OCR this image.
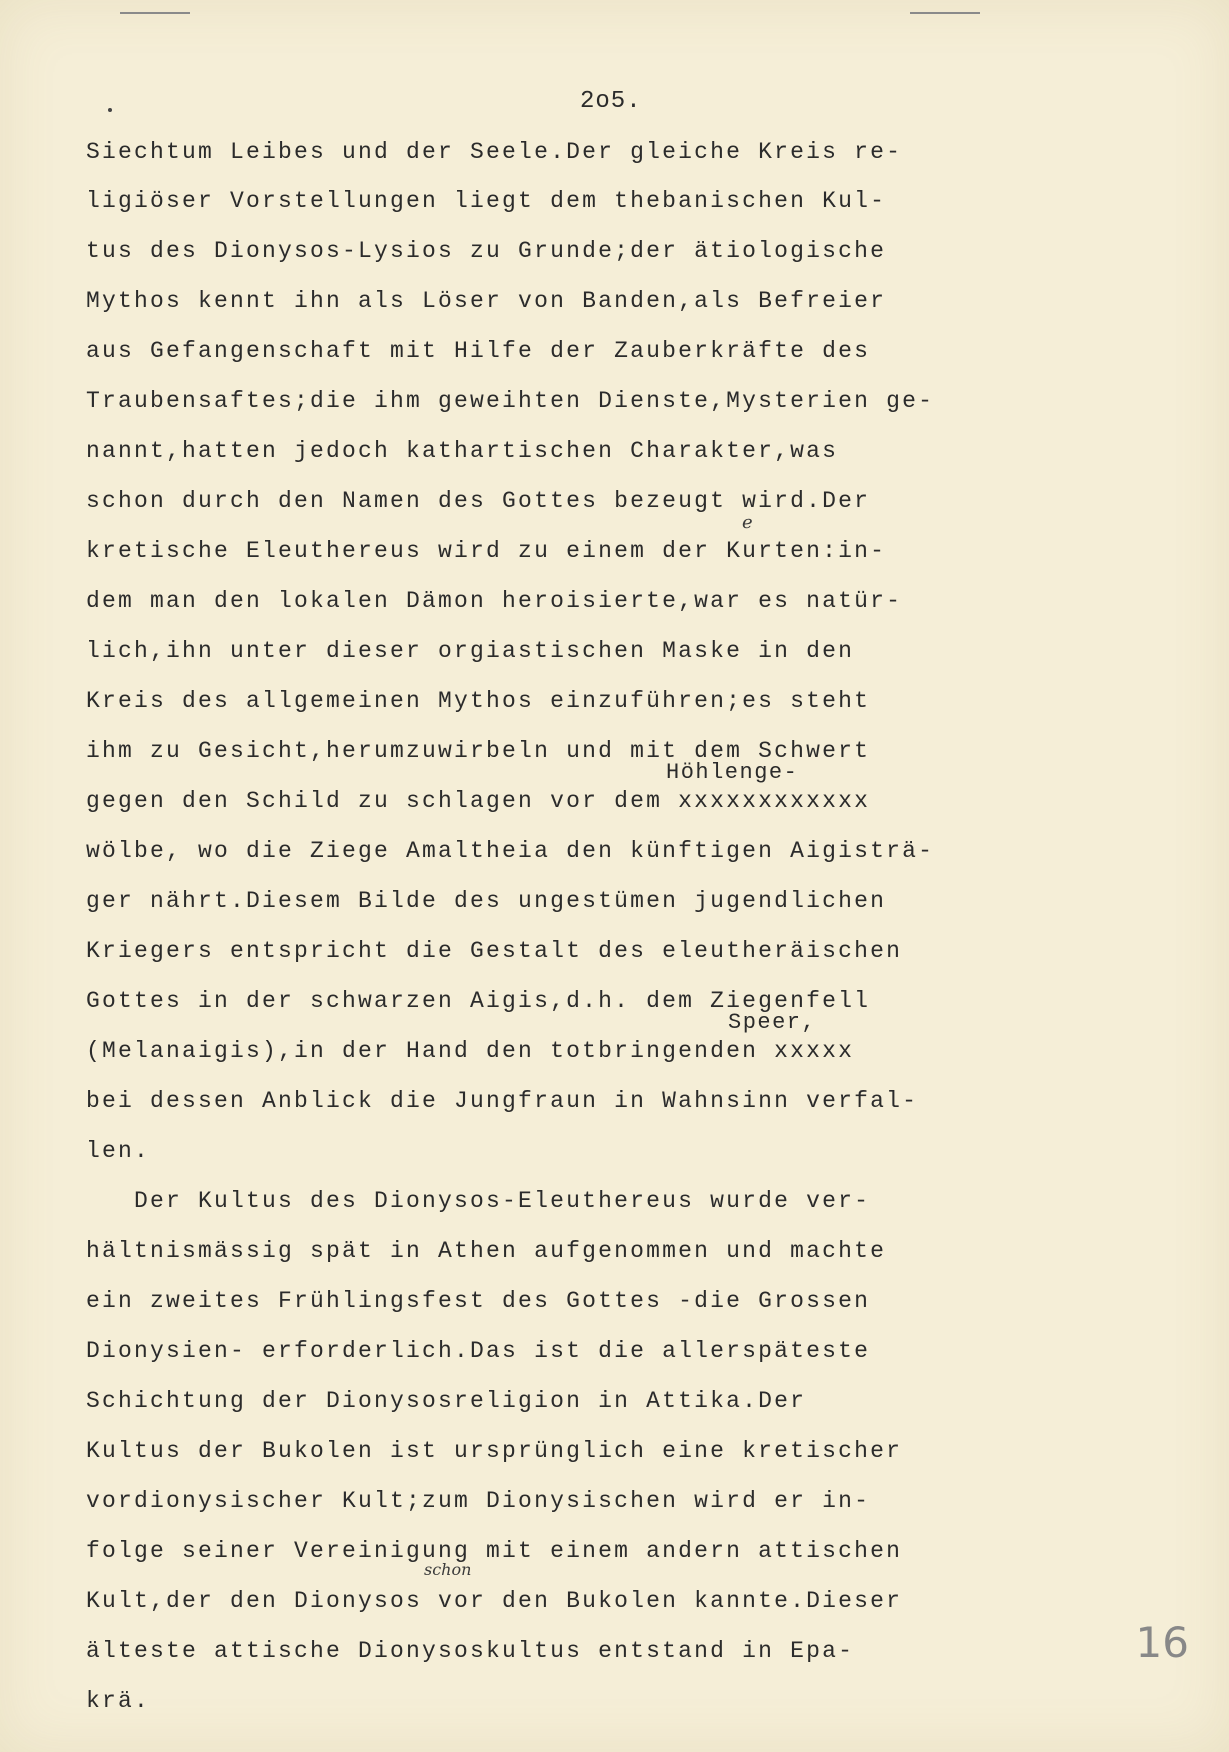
2o5.
Siechtum Leibes und der Seele.Der gleiche Kreis re-
ligiöser Vorstellungen liegt dem thebanischen Kul-
tus des Dionysos-Lysios zu Grunde;der ätiologische
Mythos kennt ihn als Löser von Banden,als Befreier
aus Gefangenschaft mit Hilfe der Zauberkräfte des
Traubensaftes;die ihm geweihten Dienste,Mysterien ge-
nannt,hatten jedoch kathartischen Charakter,was
schon durch den Namen des Gottes bezeugt wird.Der
kretische Eleuthereus wird zu einem der Kurten:in-
dem man den lokalen Dämon heroisierte,war es natür-
lich,ihn unter dieser orgiastischen Maske in den
Kreis des allgemeinen Mythos einzuführen;es steht
ihm zu Gesicht,herumzuwirbeln und mit dem Schwert
gegen den Schild zu schlagen vor dem xxxxxxxxxxxx
wölbe, wo die Ziege Amaltheia den künftigen Aigisträ-
ger nährt.Diesem Bilde des ungestümen jugendlichen
Kriegers entspricht die Gestalt des eleutheräischen
Gottes in der schwarzen Aigis,d.h. dem Ziegenfell
(Melanaigis),in der Hand den totbringenden xxxxx
bei dessen Anblick die Jungfraun in Wahnsinn verfal-
len.
Der Kultus des Dionysos-Eleuthereus wurde ver-
hältnismässig spät in Athen aufgenommen und machte
ein zweites Frühlingsfest des Gottes -die Grossen
Dionysien- erforderlich.Das ist die allerspäteste
Schichtung der Dionysosreligion in Attika.Der
Kultus der Bukolen ist ursprünglich eine kretischer
vordionysischer Kult;zum Dionysischen wird er in-
folge seiner Vereinigung mit einem andern attischen
Kult,der den Dionysos vor den Bukolen kannte.Dieser
älteste attische Dionysoskultus entstand in Epa-
krä.
Höhlenge-
Speer,
e
schon
16
